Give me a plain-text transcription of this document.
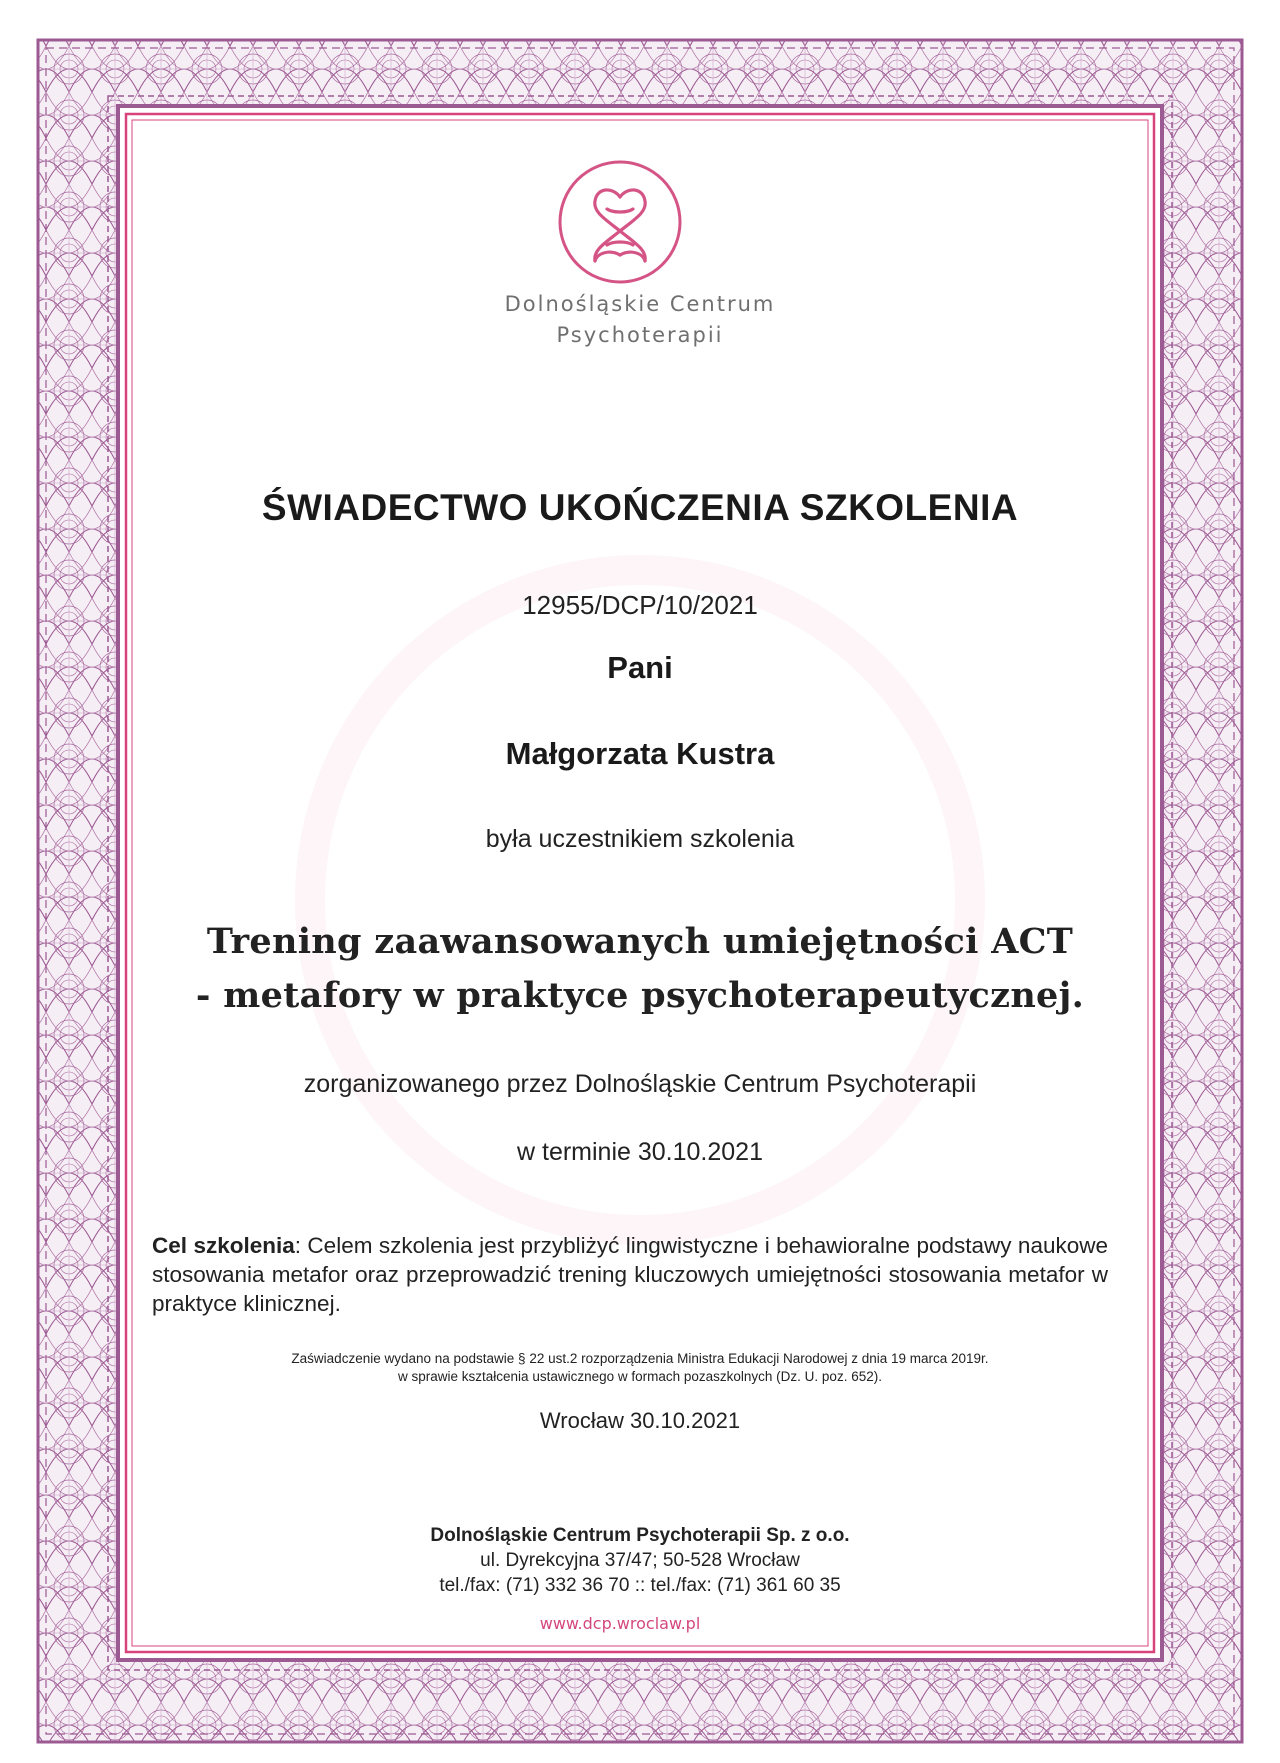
Dolnośląskie Centrum
Psychoterapii
ŚWIADECTWO UKOŃCZENIA SZKOLENIA
12955/DCP/10/2021
Pani
Małgorzata Kustra
była uczestnikiem szkolenia
Trening zaawansowanych umiejętności ACT
- metafory w praktyce psychoterapeutycznej.
zorganizowanego przez Dolnośląskie Centrum Psychoterapii
w terminie 30.10.2021
Cel szkolenia: Celem szkolenia jest przybliżyć lingwistyczne i behawioralne podstawy naukowe stosowania metafor oraz przeprowadzić trening kluczowych umiejętności stosowania metafor w praktyce klinicznej.
Zaświadczenie wydano na podstawie § 22 ust.2 rozporządzenia Ministra Edukacji Narodowej z dnia 19 marca 2019r.
w sprawie kształcenia ustawicznego w formach pozaszkolnych (Dz. U. poz. 652).
Wrocław 30.10.2021
Dolnośląskie Centrum Psychoterapii Sp. z o.o.
ul. Dyrekcyjna 37/47; 50-528 Wrocław
tel./fax: (71) 332 36 70 :: tel./fax: (71) 361 60 35
www.dcp.wroclaw.pl
